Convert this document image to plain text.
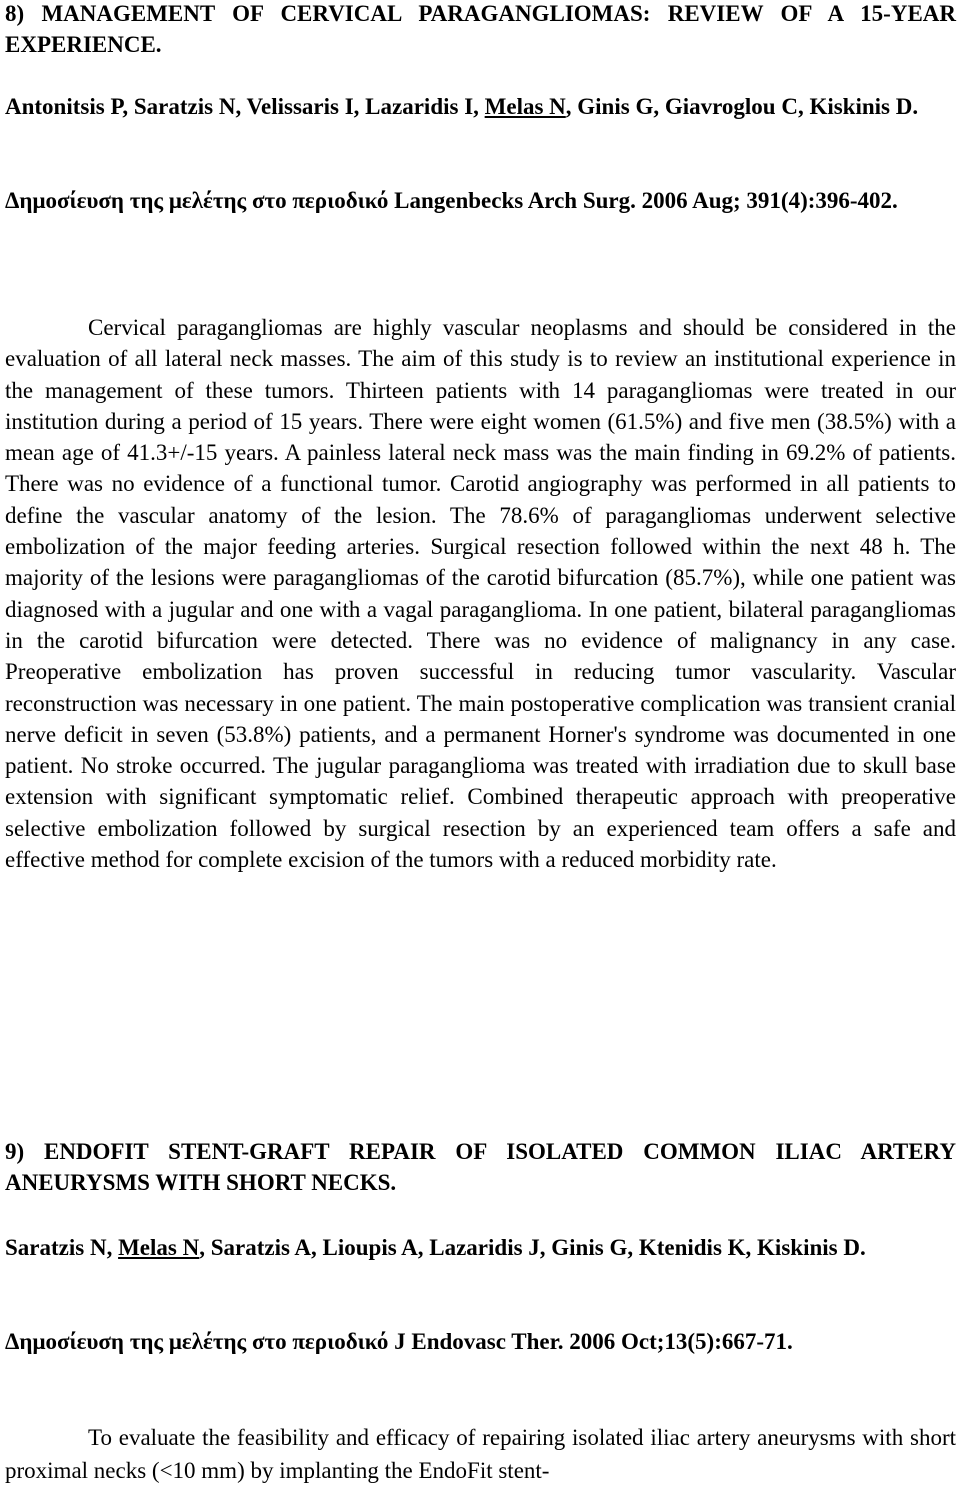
8) MANAGEMENT OF CERVICAL PARAGANGLIOMAS: REVIEW OF A 15-YEAR EXPERIENCE.

Antonitsis P, Saratzis N, Velissaris I, Lazaridis I, Melas N, Ginis G, Giavroglou C, Kiskinis D.

Δημοσίευση της μελέτης στο περιοδικό Langenbecks Arch Surg. 2006 Aug; 391(4):396-402.

Cervical paragangliomas are highly vascular neoplasms and should be considered in the evaluation of all lateral neck masses. The aim of this study is to review an institutional experience in the management of these tumors. Thirteen patients with 14 paragangliomas were treated in our institution during a period of 15 years. There were eight women (61.5%) and five men (38.5%) with a mean age of 41.3+/-15 years. A painless lateral neck mass was the main finding in 69.2% of patients. There was no evidence of a functional tumor. Carotid angiography was performed in all patients to define the vascular anatomy of the lesion. The 78.6% of paragangliomas underwent selective embolization of the major feeding arteries. Surgical resection followed within the next 48 h. The majority of the lesions were paragangliomas of the carotid bifurcation (85.7%), while one patient was diagnosed with a jugular and one with a vagal paraganglioma. In one patient, bilateral paragangliomas in the carotid bifurcation were detected. There was no evidence of malignancy in any case. Preoperative embolization has proven successful in reducing tumor vascularity. Vascular reconstruction was necessary in one patient. The main postoperative complication was transient cranial nerve deficit in seven (53.8%) patients, and a permanent Horner's syndrome was documented in one patient. No stroke occurred. The jugular paraganglioma was treated with irradiation due to skull base extension with significant symptomatic relief. Combined therapeutic approach with preoperative selective embolization followed by surgical resection by an experienced team offers a safe and effective method for complete excision of the tumors with a reduced morbidity rate.

9) ENDOFIT STENT-GRAFT REPAIR OF ISOLATED COMMON ILIAC ARTERY ANEURYSMS WITH SHORT NECKS.

Saratzis N, Melas N, Saratzis A, Lioupis A, Lazaridis J, Ginis G, Ktenidis K, Kiskinis D.

Δημοσίευση της μελέτης στο περιοδικό J Endovasc Ther. 2006 Oct;13(5):667-71.

To evaluate the feasibility and efficacy of repairing isolated iliac artery aneurysms with short proximal necks (<10 mm) by implanting the EndoFit stent-
